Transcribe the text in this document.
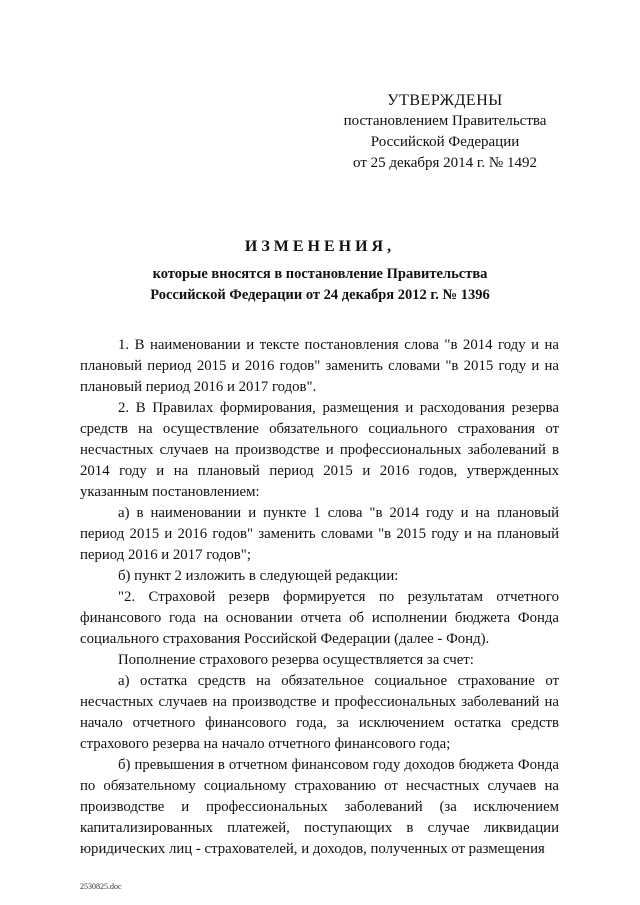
УТВЕРЖДЕНЫ
постановлением Правительства
Российской Федерации
от 25 декабря 2014 г. № 1492
ИЗМЕНЕНИЯ,
которые вносятся в постановление Правительства
Российской Федерации от 24 декабря 2012 г. № 1396

1. В наименовании и тексте постановления слова "в 2014 году и на плановый период 2015 и 2016 годов" заменить словами "в 2015 году и на плановый период 2016 и 2017 годов".

2. В Правилах формирования, размещения и расходования резерва средств на осуществление обязательного социального страхования от несчастных случаев на производстве и профессиональных заболеваний в 2014 году и на плановый период 2015 и 2016 годов, утвержденных указанным постановлением:

а) в наименовании и пункте 1 слова "в 2014 году и на плановый период 2015 и 2016 годов" заменить словами "в 2015 году и на плановый период 2016 и 2017 годов";

б) пункт 2 изложить в следующей редакции:

"2. Страховой резерв формируется по результатам отчетного финансового года на основании отчета об исполнении бюджета Фонда социального страхования Российской Федерации (далее - Фонд).

Пополнение страхового резерва осуществляется за счет:

а) остатка средств на обязательное социальное страхование от несчастных случаев на производстве и профессиональных заболеваний на начало отчетного финансового года, за исключением остатка средств страхового резерва на начало отчетного финансового года;

б) превышения в отчетном финансовом году доходов бюджета Фонда по обязательному социальному страхованию от несчастных случаев на производстве и профессиональных заболеваний (за исключением капитализированных платежей, поступающих в случае ликвидации юридических лиц - страхователей, и доходов, полученных от размещения

2530825.doc
